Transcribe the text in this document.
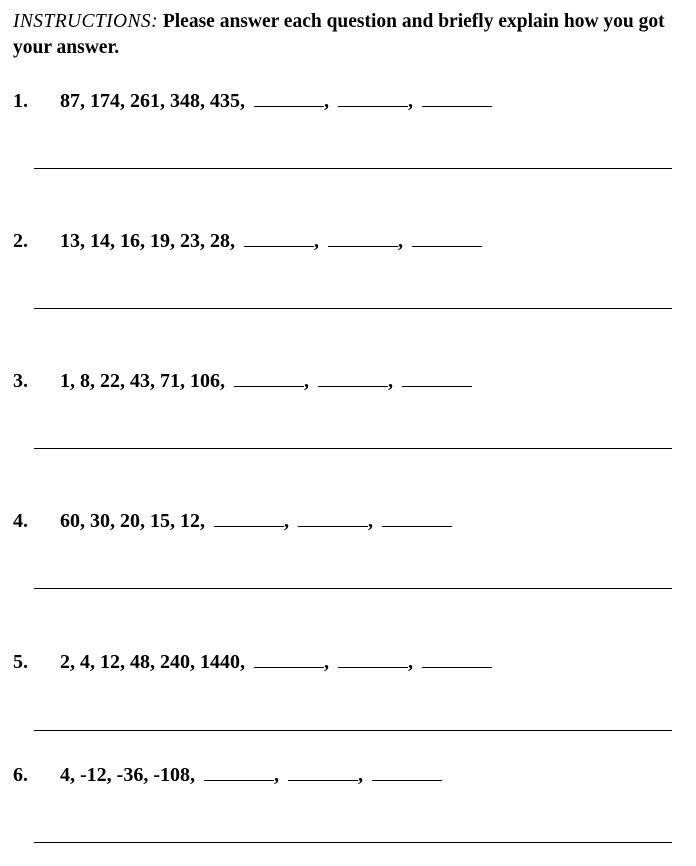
INSTRUCTIONS: Please answer each question and briefly explain how you got your answer.
1. 87, 174, 261, 348, 435,	,	,
2. 13, 14, 16, 19, 23, 28,	,	,
3. 1, 8, 22, 43, 71, 106,	,	,
4. 60, 30, 20, 15, 12,	,	,
5. 2, 4, 12, 48, 240, 1440,	,	,
6. 4, -12, -36, -108,	,	,
